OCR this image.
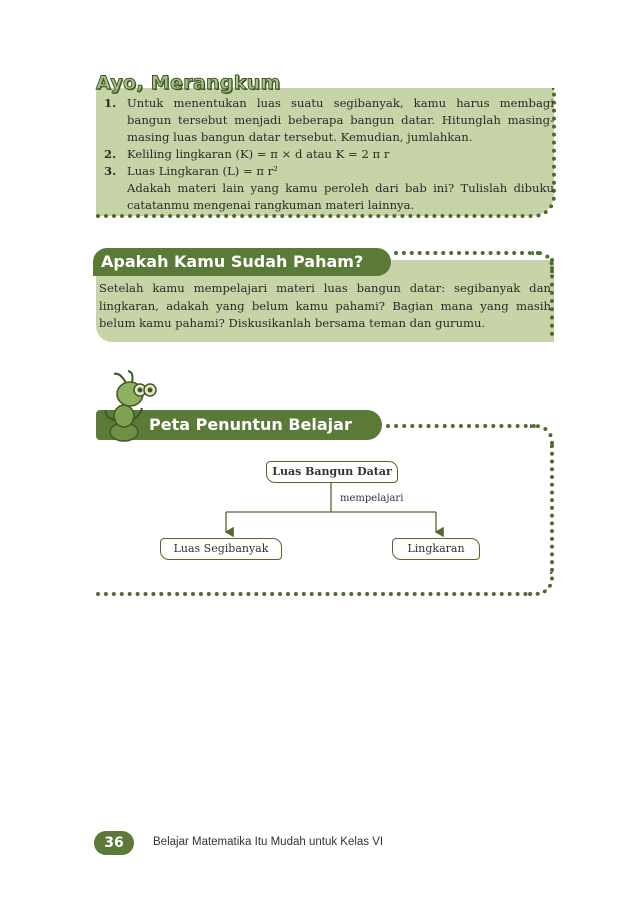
Ayo, Merangkum
1. Untuk menentukan luas suatu segibanyak, kamu harus membagi bangun tersebut menjadi beberapa bangun datar. Hitunglah masing-masing luas bangun datar tersebut. Kemudian, jumlahkan.
2. Keliling lingkaran (K) = π × d atau K = 2 π r
3. Luas Lingkaran (L) = π r²
Adakah materi lain yang kamu peroleh dari bab ini? Tulislah dibuku catatanmu mengenai rangkuman materi lainnya.
Apakah Kamu Sudah Paham?

Setelah kamu mempelajari materi luas bangun datar: segibanyak dan lingkaran, adakah yang belum kamu pahami? Bagian mana yang masih belum kamu pahami? Diskusikanlah bersama teman dan gurumu.

Peta Penuntun Belajar
Luas Bangun Datar
mempelajari
Luas Segibanyak	Lingkaran
36	Belajar Matematika Itu Mudah untuk Kelas VI
